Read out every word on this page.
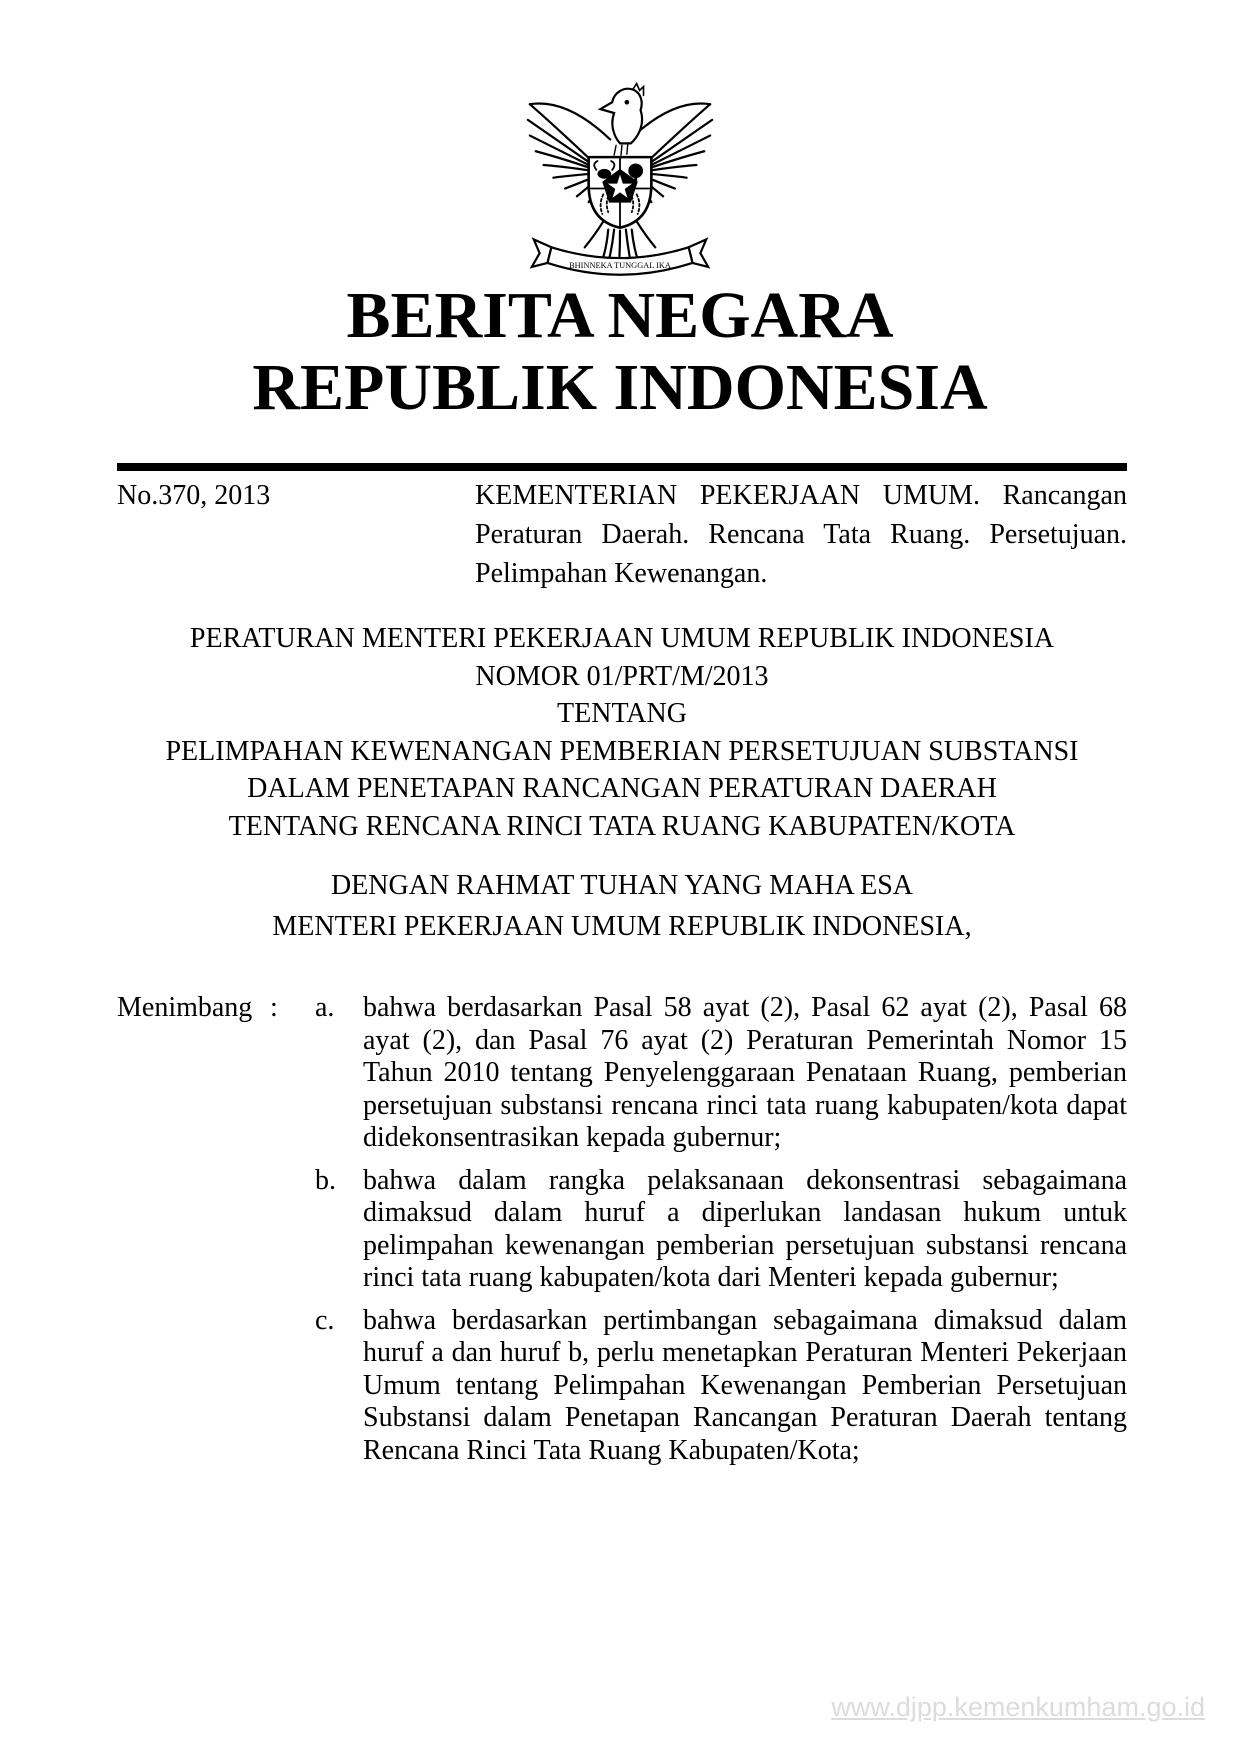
BHINNEKA TUNGGAL IKA
BERITA NEGARA
REPUBLIK INDONESIA
No.370, 2013	KEMENTERIAN PEKERJAAN UMUM. Rancangan Peraturan Daerah. Rencana Tata Ruang. Persetujuan. Pelimpahan Kewenangan.
PERATURAN MENTERI PEKERJAAN UMUM REPUBLIK INDONESIA
NOMOR 01/PRT/M/2013
TENTANG
PELIMPAHAN KEWENANGAN PEMBERIAN PERSETUJUAN SUBSTANSI
DALAM PENETAPAN RANCANGAN PERATURAN DAERAH
TENTANG RENCANA RINCI TATA RUANG KABUPATEN/KOTA
DENGAN RAHMAT TUHAN YANG MAHA ESA
MENTERI PEKERJAAN UMUM REPUBLIK INDONESIA,
Menimbang :	a.	bahwa berdasarkan Pasal 58 ayat (2), Pasal 62 ayat (2), Pasal 68 ayat (2), dan Pasal 76 ayat (2) Peraturan Pemerintah Nomor 15 Tahun 2010 tentang Penyelenggaraan Penataan Ruang, pemberian persetujuan substansi rencana rinci tata ruang kabupaten/kota dapat didekonsentrasikan kepada gubernur;
b. bahwa dalam rangka pelaksanaan dekonsentrasi sebagaimana dimaksud dalam huruf a diperlukan landasan hukum untuk pelimpahan kewenangan pemberian persetujuan substansi rencana rinci tata ruang kabupaten/kota dari Menteri kepada gubernur;
c.	bahwa berdasarkan pertimbangan sebagaimana dimaksud dalam huruf a dan huruf b, perlu menetapkan Peraturan Menteri Pekerjaan Umum tentang Pelimpahan Kewenangan Pemberian Persetujuan Substansi dalam Penetapan Rancangan Peraturan Daerah tentang Rencana Rinci Tata Ruang Kabupaten/Kota;
www.djpp.kemenkumham.go.id
